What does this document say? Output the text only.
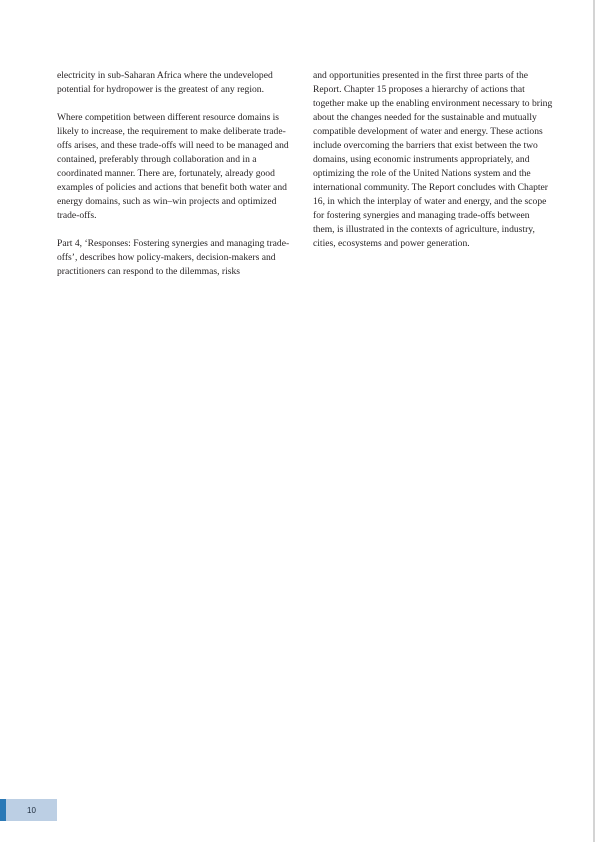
electricity in sub-Saharan Africa where the undeveloped potential for hydropower is the greatest of any region.

Where competition between different resource domains is likely to increase, the requirement to make deliberate trade-offs arises, and these trade-offs will need to be managed and contained, preferably through collaboration and in a coordinated manner. There are, fortunately, already good examples of policies and actions that benefit both water and energy domains, such as win–win projects and optimized trade-offs.

Part 4, ‘Responses: Fostering synergies and managing trade-offs’, describes how policy-makers, decision-makers and practitioners can respond to the dilemmas, risks

and opportunities presented in the first three parts of the Report. Chapter 15 proposes a hierarchy of actions that together make up the enabling environment necessary to bring about the changes needed for the sustainable and mutually compatible development of water and energy. These actions include overcoming the barriers that exist between the two domains, using economic instruments appropriately, and optimizing the role of the United Nations system and the international community. The Report concludes with Chapter 16, in which the interplay of water and energy, and the scope for fostering synergies and managing trade-offs between them, is illustrated in the contexts of agriculture, industry, cities, ecosystems and power generation.

10
